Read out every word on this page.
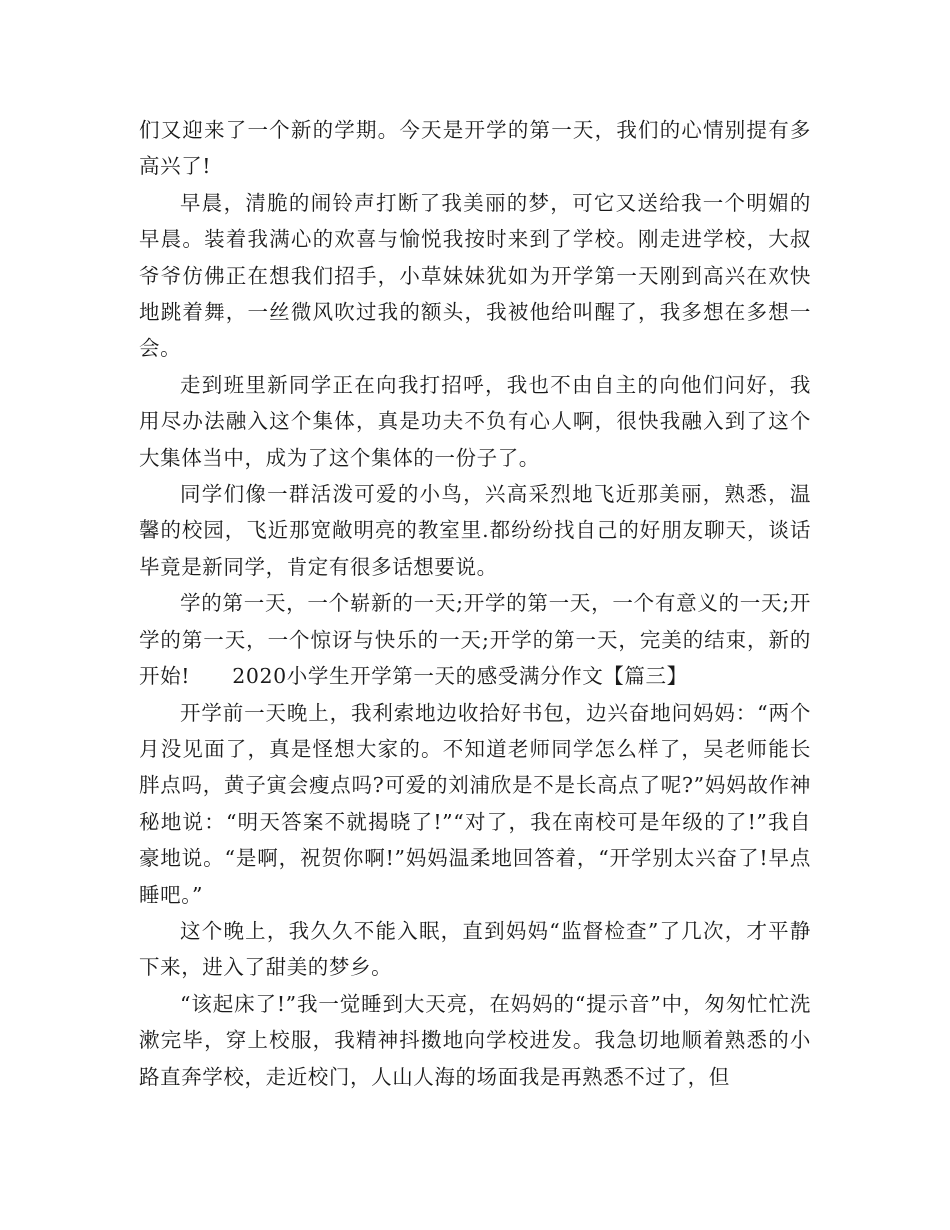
们又迎来了一个新的学期。今天是开学的第一天，我们的心情别提有多高兴了!

早晨，清脆的闹铃声打断了我美丽的梦，可它又送给我一个明媚的早晨。装着我满心的欢喜与愉悦我按时来到了学校。刚走进学校，大叔爷爷仿佛正在想我们招手，小草妹妹犹如为开学第一天刚到高兴在欢快地跳着舞，一丝微风吹过我的额头，我被他给叫醒了，我多想在多想一会。

走到班里新同学正在向我打招呼，我也不由自主的向他们问好，我用尽办法融入这个集体，真是功夫不负有心人啊，很快我融入到了这个大集体当中，成为了这个集体的一份子了。

同学们像一群活泼可爱的小鸟，兴高采烈地飞近那美丽，熟悉，温馨的校园，飞近那宽敞明亮的教室里.都纷纷找自己的好朋友聊天，谈话毕竟是新同学，肯定有很多话想要说。

学的第一天，一个崭新的一天;开学的第一天，一个有意义的一天;开学的第一天，一个惊讶与快乐的一天;开学的第一天，完美的结束，新的开始!　　2020小学生开学第一天的感受满分作文【篇三】

开学前一天晚上，我利索地边收拾好书包，边兴奋地问妈妈：“两个月没见面了，真是怪想大家的。不知道老师同学怎么样了，吴老师能长胖点吗，黄子寅会瘦点吗?可爱的刘浦欣是不是长高点了呢?”妈妈故作神秘地说：“明天答案不就揭晓了!”“对了，我在南校可是年级的了!”我自豪地说。“是啊，祝贺你啊!”妈妈温柔地回答着，“开学别太兴奋了!早点睡吧。”

这个晚上，我久久不能入眠，直到妈妈“监督检查”了几次，才平静下来，进入了甜美的梦乡。

“该起床了!”我一觉睡到大天亮，在妈妈的“提示音”中，匆匆忙忙洗漱完毕，穿上校服，我精神抖擞地向学校进发。我急切地顺着熟悉的小路直奔学校，走近校门，人山人海的场面我是再熟悉不过了，但
